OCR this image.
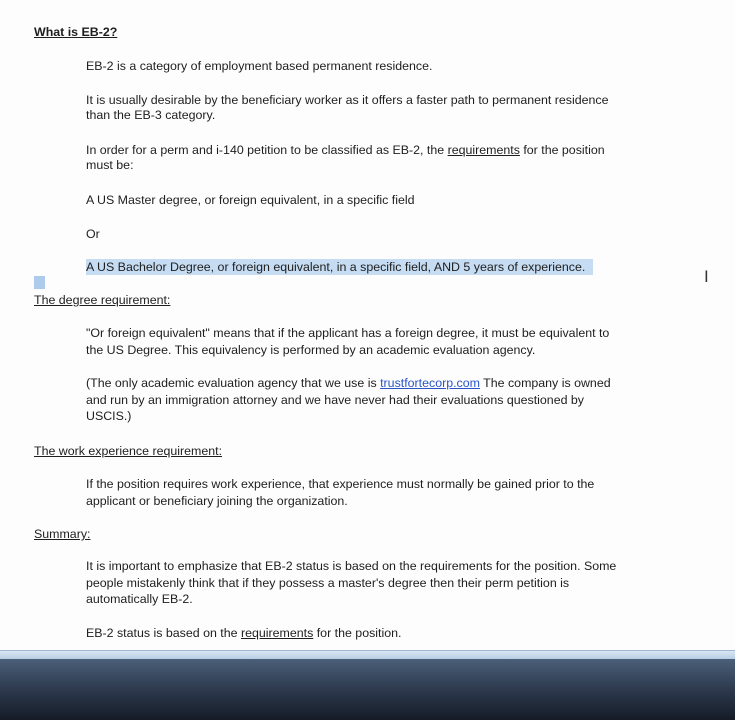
What is EB-2?

EB-2 is a category of employment based permanent residence.

It is usually desirable by the beneficiary worker as it offers a faster path to permanent residence

than the EB-3 category.

In order for a perm and i-140 petition to be classified as EB-2, the requirements for the position

must be:

A US Master degree, or foreign equivalent, in a specific field

Or

A US Bachelor Degree, or foreign equivalent, in a specific field, AND 5 years of experience.	I

The degree requirement:

"Or foreign equivalent" means that if the applicant has a foreign degree, it must be equivalent to

the US Degree. This equivalency is performed by an academic evaluation agency.

(The only academic evaluation agency that we use is trustfortecorp.com The company is owned

and run by an immigration attorney and we have never had their evaluations questioned by

USCIS.)

The work experience requirement:

If the position requires work experience, that experience must normally be gained prior to the

applicant or beneficiary joining the organization.

Summary:

It is important to emphasize that EB-2 status is based on the requirements for the position. Some

people mistakenly think that if they possess a master's degree then their perm petition is

automatically EB-2.

EB-2 status is based on the requirements for the position.
